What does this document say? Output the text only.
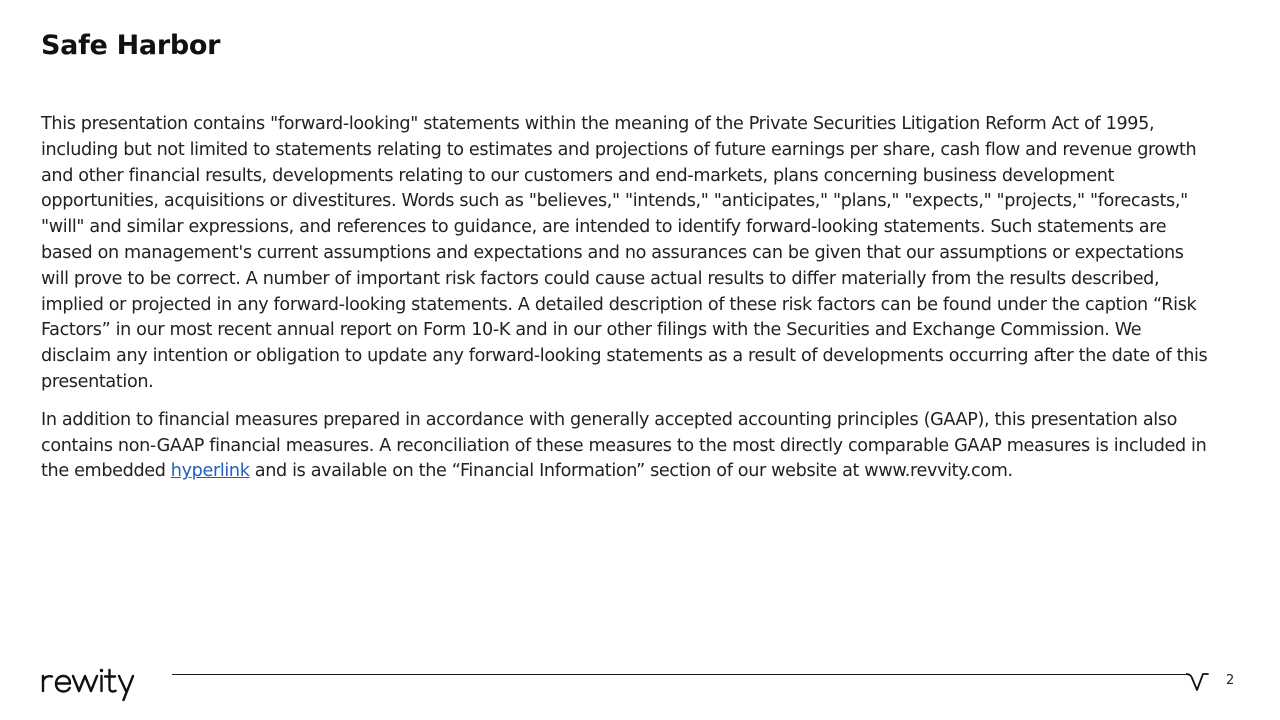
Safe Harbor

This presentation contains "forward-looking" statements within the meaning of the Private Securities Litigation Reform Act of 1995, including but not limited to statements relating to estimates and projections of future earnings per share, cash flow and revenue growth and other financial results, developments relating to our customers and end-markets, plans concerning business development opportunities, acquisitions or divestitures. Words such as "believes," "intends," "anticipates," "plans," "expects," "projects," "forecasts," "will" and similar expressions, and references to guidance, are intended to identify forward-looking statements. Such statements are based on management's current assumptions and expectations and no assurances can be given that our assumptions or expectations will prove to be correct. A number of important risk factors could cause actual results to differ materially from the results described, implied or projected in any forward-looking statements. A detailed description of these risk factors can be found under the caption “Risk Factors” in our most recent annual report on Form 10-K and in our other filings with the Securities and Exchange Commission. We disclaim any intention or obligation to update any forward-looking statements as a result of developments occurring after the date of this presentation.

In addition to financial measures prepared in accordance with generally accepted accounting principles (GAAP), this presentation also contains non-GAAP financial measures. A reconciliation of these measures to the most directly comparable GAAP measures is included in the embedded hyperlink and is available on the “Financial Information” section of our website at www.revvity.com.

2
